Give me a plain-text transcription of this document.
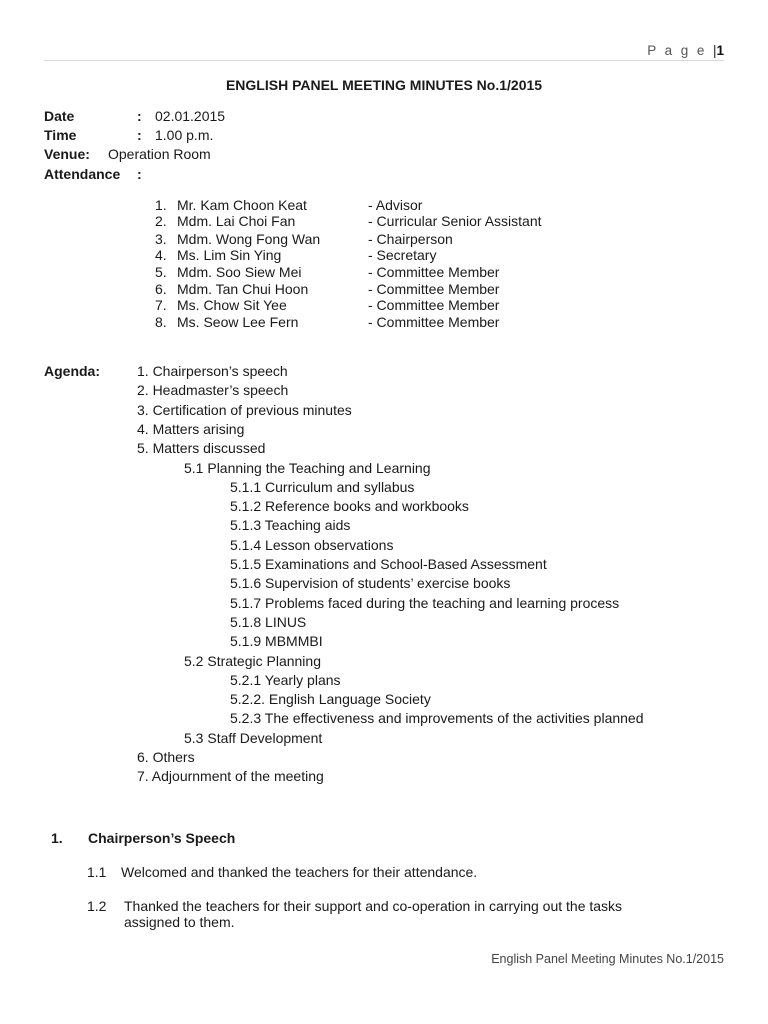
P a g e |1
ENGLISH PANEL MEETING MINUTES No.1/2015
Date	: 02.01.2015
Time	: 1.00 p.m.
Venue: Operation Room
Attendance :
1. Mr. Kam Choon Keat	- Advisor
2. Mdm. Lai Choi Fan	- Curricular Senior Assistant
3. Mdm. Wong Fong Wan	- Chairperson
4. Ms. Lim Sin Ying	- Secretary
5. Mdm. Soo Siew Mei	- Committee Member
6. Mdm. Tan Chui Hoon	- Committee Member
7. Ms. Chow Sit Yee	- Committee Member
8. Ms. Seow Lee Fern	- Committee Member
Agenda:	1. Chairperson’s speech
2. Headmaster’s speech
3. Certification of previous minutes
4. Matters arising
5. Matters discussed
5.1 Planning the Teaching and Learning
5.1.1 Curriculum and syllabus
5.1.2 Reference books and workbooks
5.1.3 Teaching aids
5.1.4 Lesson observations
5.1.5 Examinations and School-Based Assessment
5.1.6 Supervision of students’ exercise books
5.1.7 Problems faced during the teaching and learning process
5.1.8 LINUS
5.1.9 MBMMBI
5.2 Strategic Planning
5.2.1 Yearly plans
5.2.2. English Language Society
5.2.3 The effectiveness and improvements of the activities planned
5.3 Staff Development
6. Others
7. Adjournment of the meeting
1. Chairperson’s Speech
1.1 Welcomed and thanked the teachers for their attendance.
1.2 Thanked the teachers for their support and co-operation in carrying out the tasks
assigned to them.
English Panel Meeting Minutes No.1/2015
